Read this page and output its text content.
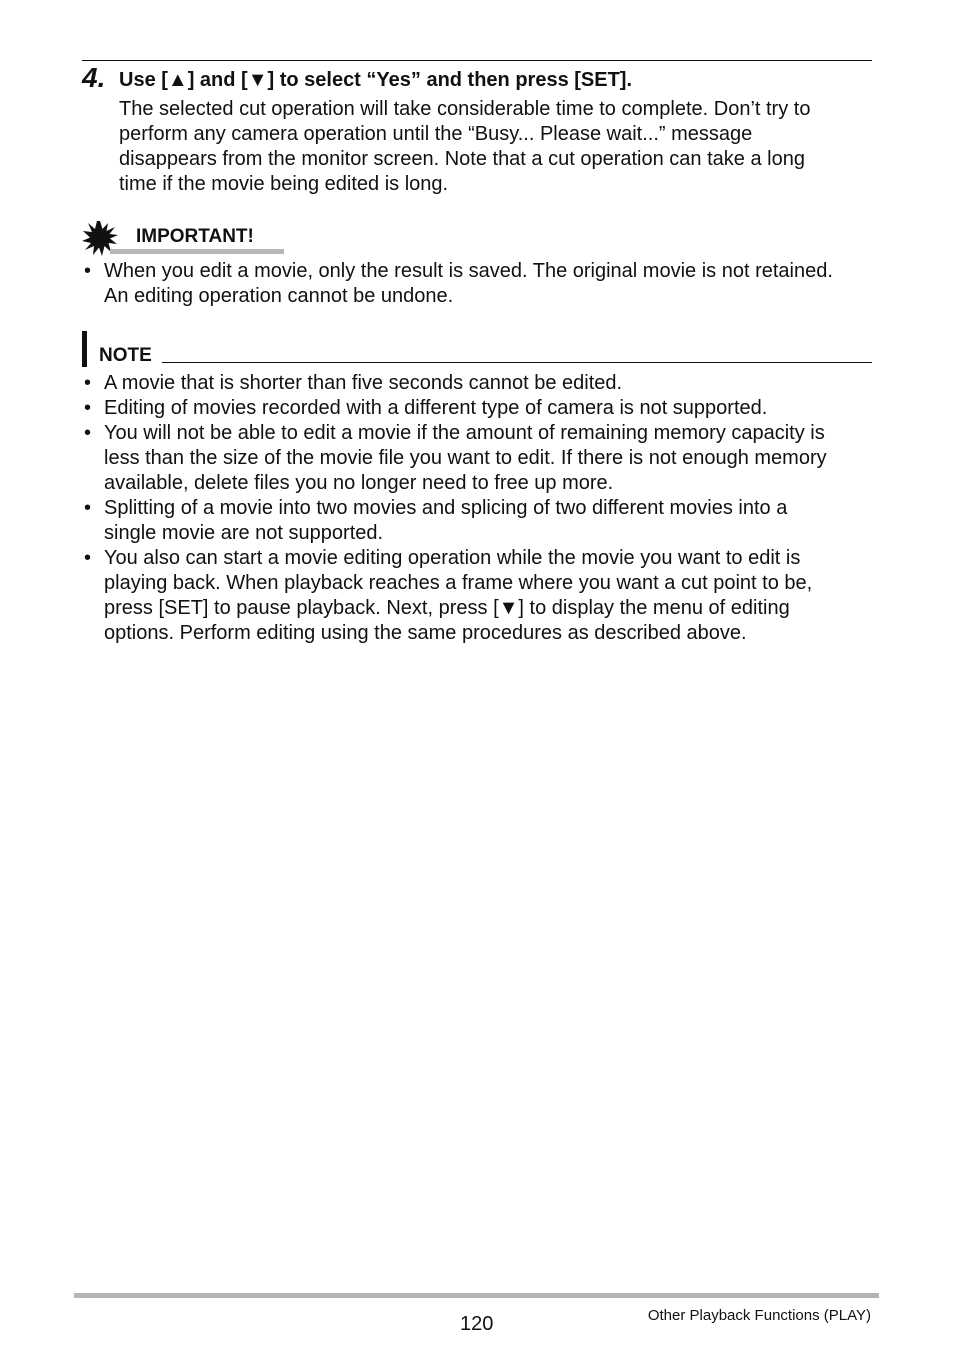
4. Use [▲] and [▼] to select “Yes” and then press [SET].
The selected cut operation will take considerable time to complete. Don’t try to
perform any camera operation until the “Busy... Please wait...” message
disappears from the monitor screen. Note that a cut operation can take a long
time if the movie being edited is long.
IMPORTANT!
• When you edit a movie, only the result is saved. The original movie is not retained.
An editing operation cannot be undone.
NOTE
• A movie that is shorter than five seconds cannot be edited.
• Editing of movies recorded with a different type of camera is not supported.
• You will not be able to edit a movie if the amount of remaining memory capacity is
less than the size of the movie file you want to edit. If there is not enough memory
available, delete files you no longer need to free up more.
• Splitting of a movie into two movies and splicing of two different movies into a
single movie are not supported.
• You also can start a movie editing operation while the movie you want to edit is
playing back. When playback reaches a frame where you want a cut point to be,
press [SET] to pause playback. Next, press [▼] to display the menu of editing
options. Perform editing using the same procedures as described above.
120	Other Playback Functions (PLAY)
